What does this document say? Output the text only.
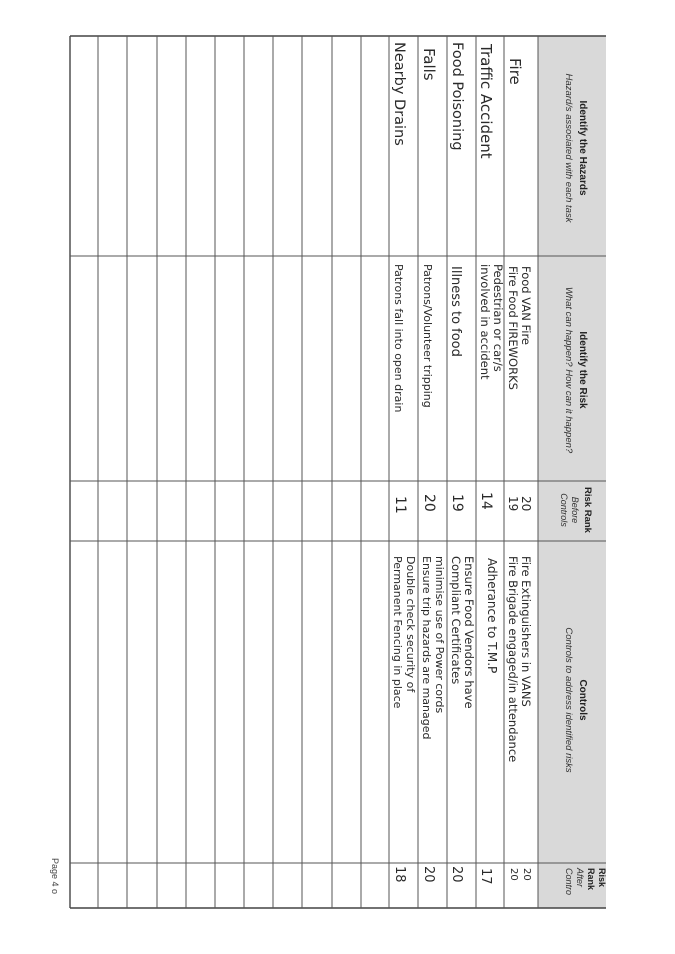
Identify the Hazards
Hazard/s associated with each task
Identify the Risk
What can happen? How can it happen?
Risk Rank
Before
Controls
Controls
Controls to address identified risks
Risk
Rank
After
Contro
Fire
Food VAN Fire
Fire Food FIREWORKS
20
19
Fire Extinguishers in VANS
Fire Brigade engaged/in attendance
20
20
Traffic Accident
Pedestrian or car/s
involved in accident
14
Adherance to T.M.P
17
Food Poisoning
Illness to food
19
Ensure Food Vendors have
Compliant Certificates
20
Falls
Patrons/Volunteer tripping
20
minimise use of Power cords
Ensure trip hazards are managed
20
Nearby Drains
Patrons fall into open drain
11
Double check security of
Permanent Fencing in place
18
Page 4 o
